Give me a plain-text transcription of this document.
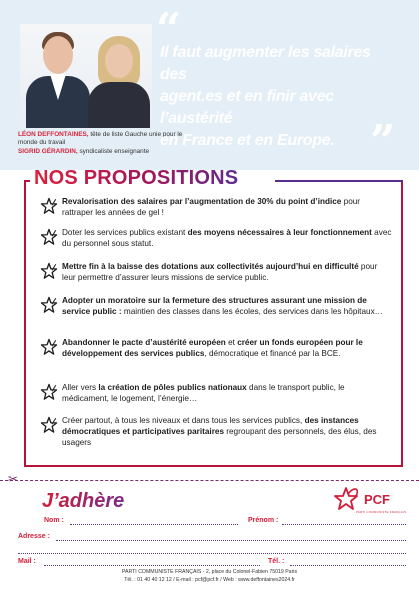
LÉON DEFFONTAINES, tête de liste Gauche unie pour le monde du travail
SIGRID GÉRARDIN, syndicaliste enseignante
“
Il faut augmenter les salaires des
agent.es et en finir avec l’austérité
en France et en Europe. ”
NOS PROPOSITIONS
Revalorisation des salaires par l’augmentation de 30% du point d’indice pour rattraper les années de gel !
Doter les services publics existant des moyens nécessaires à leur fonctionnement avec du personnel sous statut.
Mettre fin à la baisse des dotations aux collectivités aujourd’hui en difficulté pour leur permettre d’assurer leurs missions de service public.
Adopter un moratoire sur la fermeture des structures assurant une mission de service public : maintien des classes dans les écoles, des services dans les hôpitaux…
Abandonner le pacte d’austérité européen et créer un fonds européen pour le développement des services publics, démocratique et financé par la BCE.
Aller vers la création de pôles publics nationaux dans le transport public, le médicament, le logement, l’énergie…
Créer partout, à tous les niveaux et dans tous les services publics, des instances démocratiques et participatives paritaires regroupant des personnels, des élus, des usagers
✂
J’adhère	PCF
PARTI COMMUNISTE FRANÇAIS
Nom :	Prénom :
Adresse :
Mail :	Tél. :
PARTI COMMUNISTE FRANÇAIS - 2, place du Colonel-Fabien 75019 Paris
Tél. : 01 40 40 12 12 / E-mail : pcf@pcf.fr / Web : www.deffontaines2024.fr
